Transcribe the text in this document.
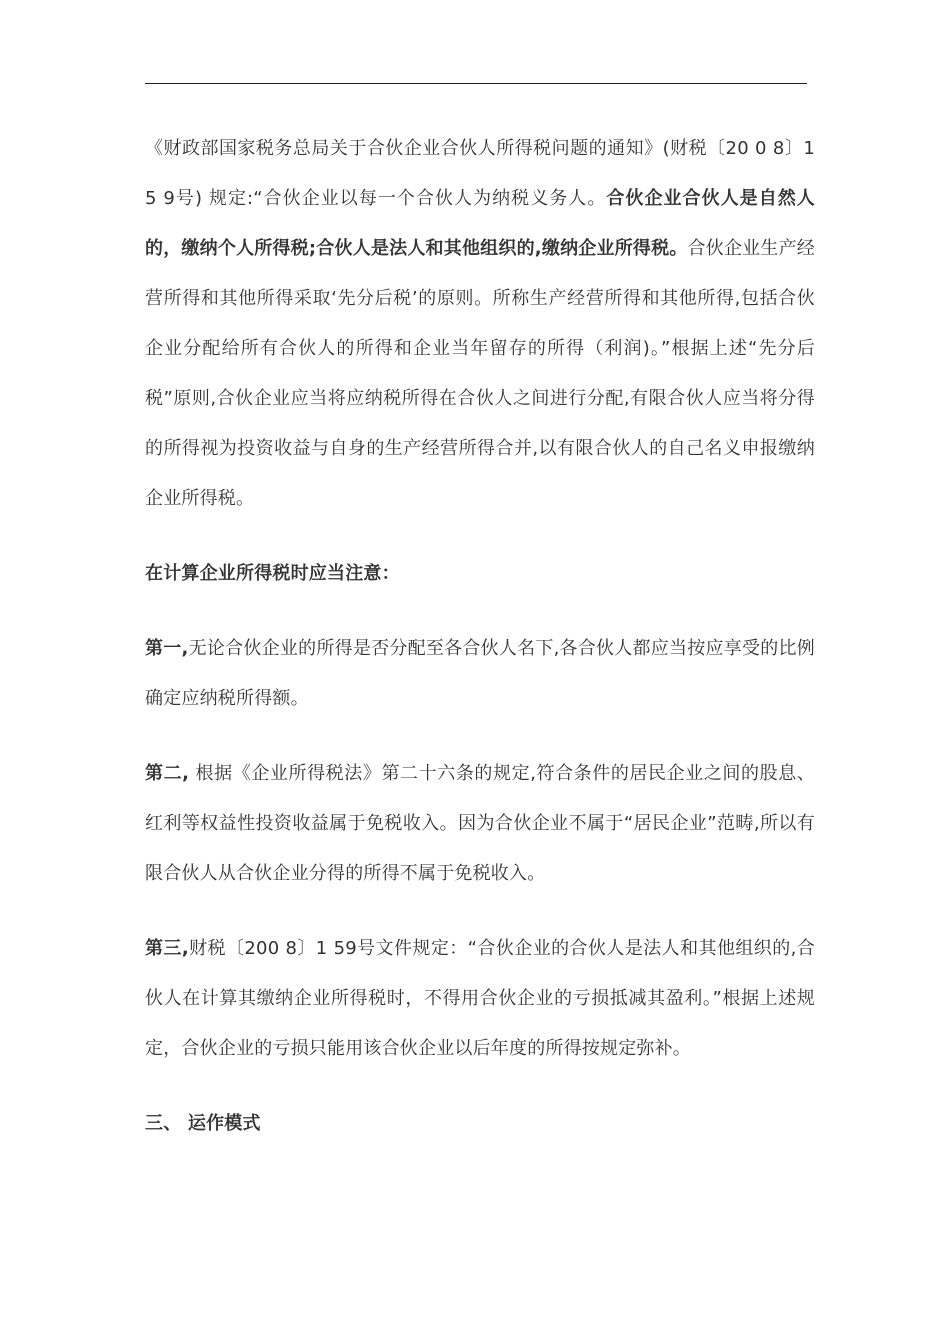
《财政部国家税务总局关于合伙企业合伙人所得税问题的通知》(财税〔20 0 8〕1 5 9号) 规定:“合伙企业以每一个合伙人为纳税义务人。合伙企业合伙人是自然人的，缴纳个人所得税;合伙人是法人和其他组织的,缴纳企业所得税。合伙企业生产经营所得和其他所得采取‘先分后税’的原则。所称生产经营所得和其他所得,包括合伙企业分配给所有合伙人的所得和企业当年留存的所得（利润)。”根据上述“先分后税”原则,合伙企业应当将应纳税所得在合伙人之间进行分配,有限合伙人应当将分得的所得视为投资收益与自身的生产经营所得合并,以有限合伙人的自己名义申报缴纳企业所得税。

在计算企业所得税时应当注意：

第一,无论合伙企业的所得是否分配至各合伙人名下,各合伙人都应当按应享受的比例确定应纳税所得额。

第二, 根据《企业所得税法》第二十六条的规定,符合条件的居民企业之间的股息、红利等权益性投资收益属于免税收入。因为合伙企业不属于“居民企业”范畴,所以有限合伙人从合伙企业分得的所得不属于免税收入。

第三,财税〔200 8〕1 59号文件规定：“合伙企业的合伙人是法人和其他组织的,合伙人在计算其缴纳企业所得税时，不得用合伙企业的亏损抵减其盈利。”根据上述规定，合伙企业的亏损只能用该合伙企业以后年度的所得按规定弥补。

三、 运作模式
